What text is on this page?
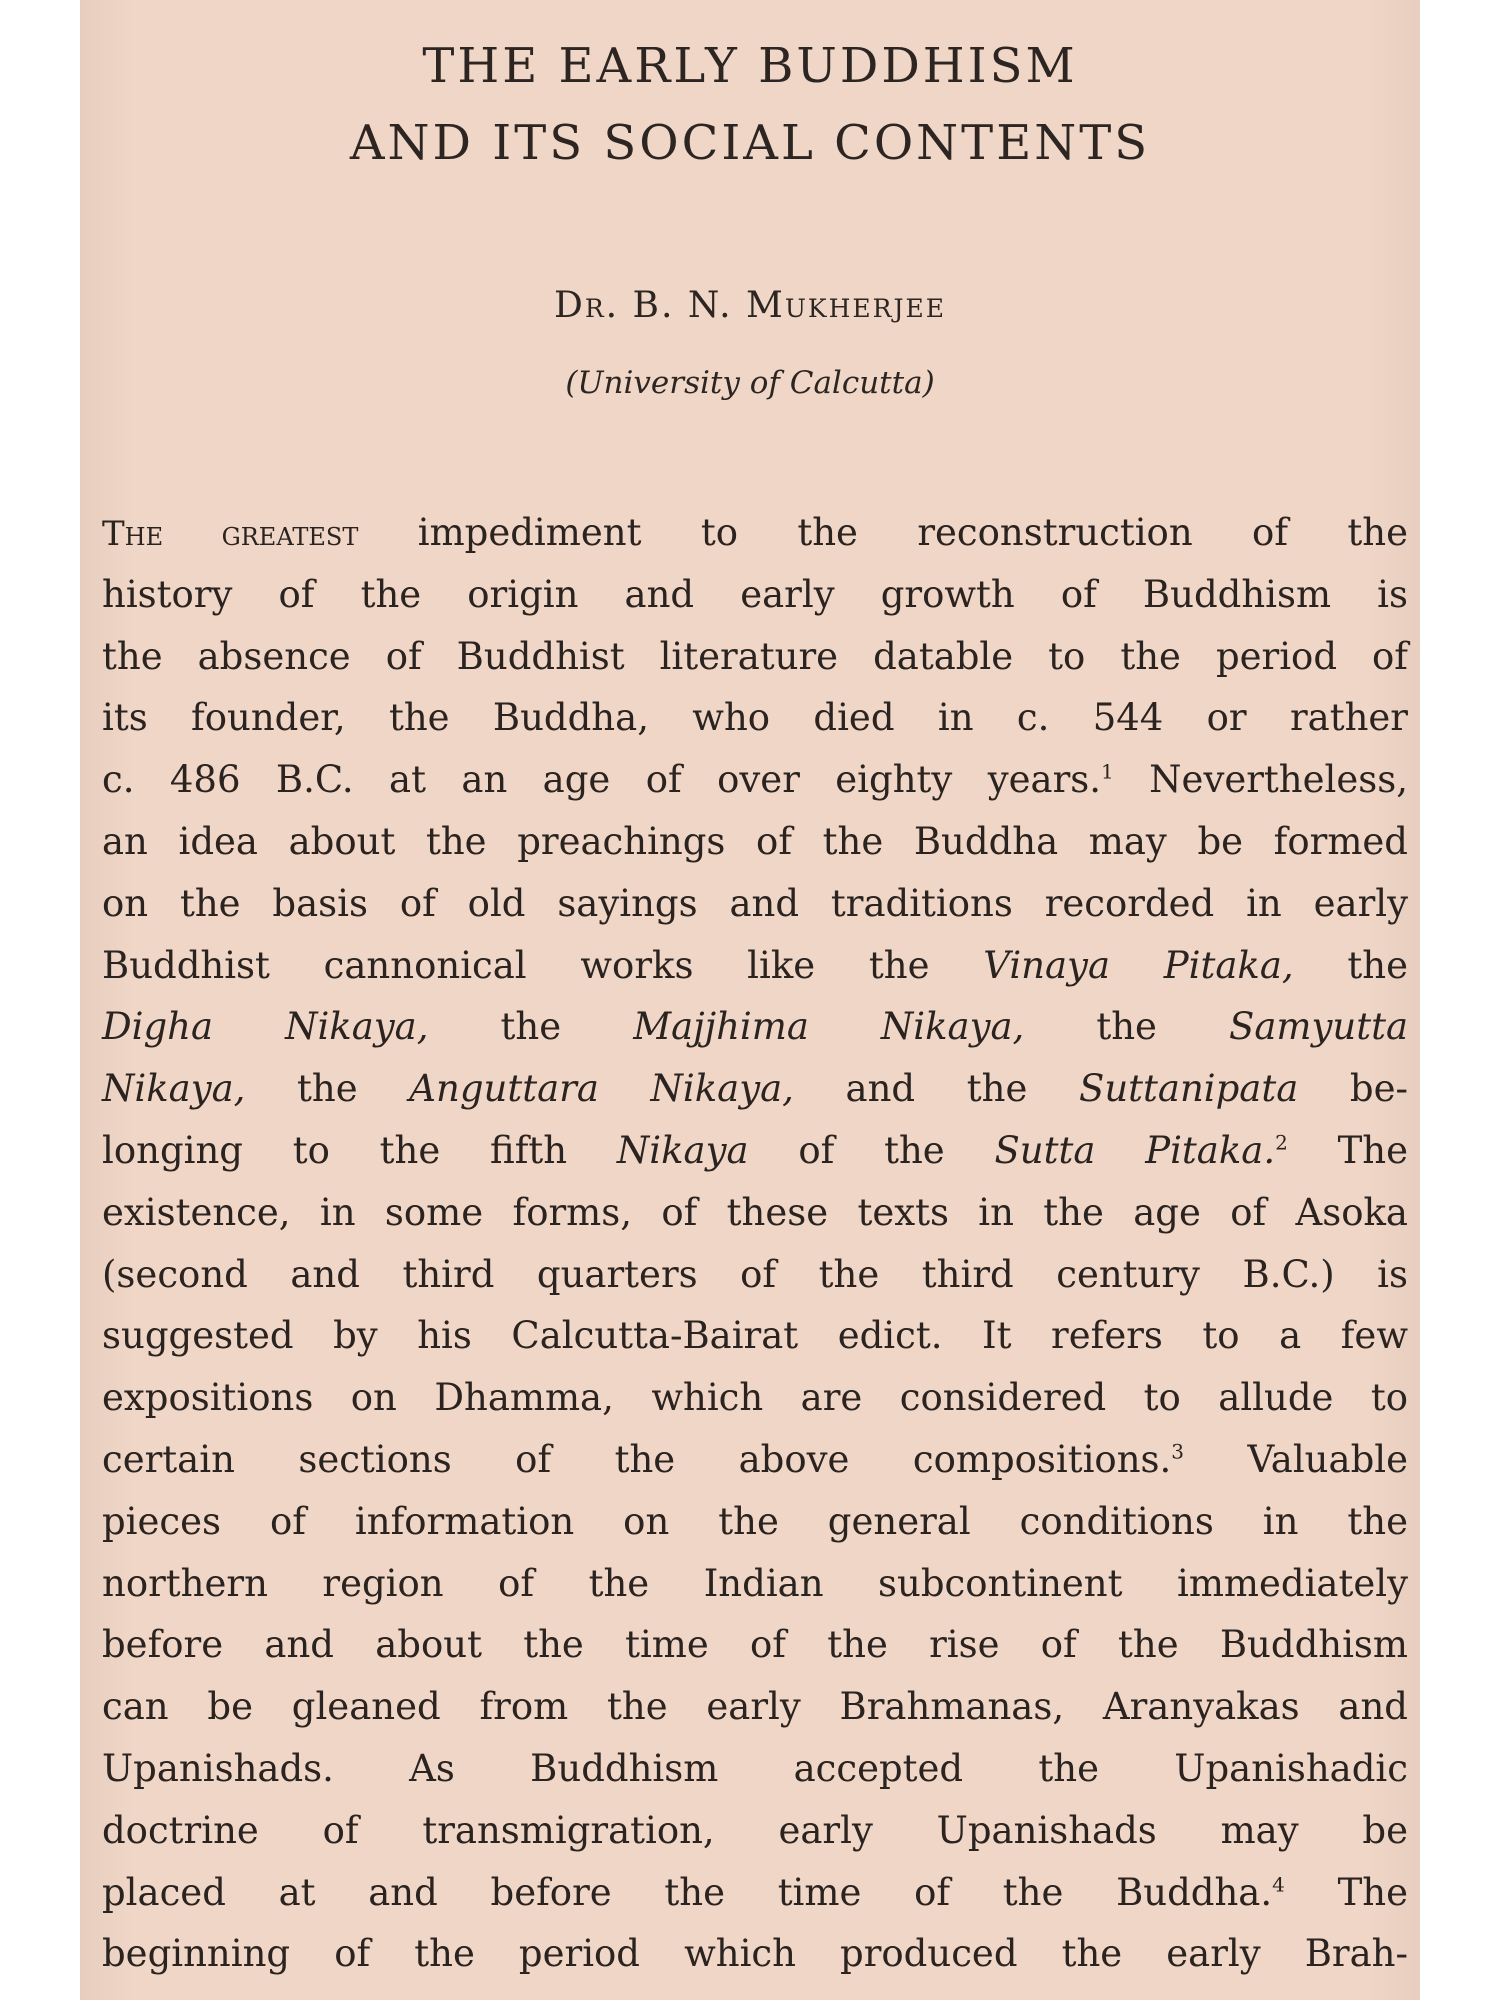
THE EARLY BUDDHISM
AND ITS SOCIAL CONTENTS

Dr. B. N. Mukherjee

(University of Calcutta)

The greatest impediment to the reconstruction of the
history of the origin and early growth of Buddhism is
the absence of Buddhist literature datable to the period of
its founder, the Buddha, who died in c. 544 or rather
c. 486 B.C. at an age of over eighty years.$^1$ Nevertheless,
an idea about the preachings of the Buddha may be formed
on the basis of old sayings and traditions recorded in early
Buddhist cannonical works like the Vinaya Pitaka, the
Digha Nikaya, the Majjhima Nikaya, the Samyutta
Nikaya, the Anguttara Nikaya, and the Suttanipata be-
longing to the fifth Nikaya of the Sutta Pitaka.$^2$ The
existence, in some forms, of these texts in the age of Asoka
(second and third quarters of the third century B.C.) is
suggested by his Calcutta-Bairat edict. It refers to a few
expositions on Dhamma, which are considered to allude to
certain sections of the above compositions.$^3$ Valuable
pieces of information on the general conditions in the
northern region of the Indian subcontinent immediately
before and about the time of the rise of the Buddhism
can be gleaned from the early Brahmanas, Aranyakas and
Upanishads. As Buddhism accepted the Upanishadic
doctrine of transmigration, early Upanishads may be
placed at and before the time of the Buddha.$^4$ The
beginning of the period which produced the early Brah-
